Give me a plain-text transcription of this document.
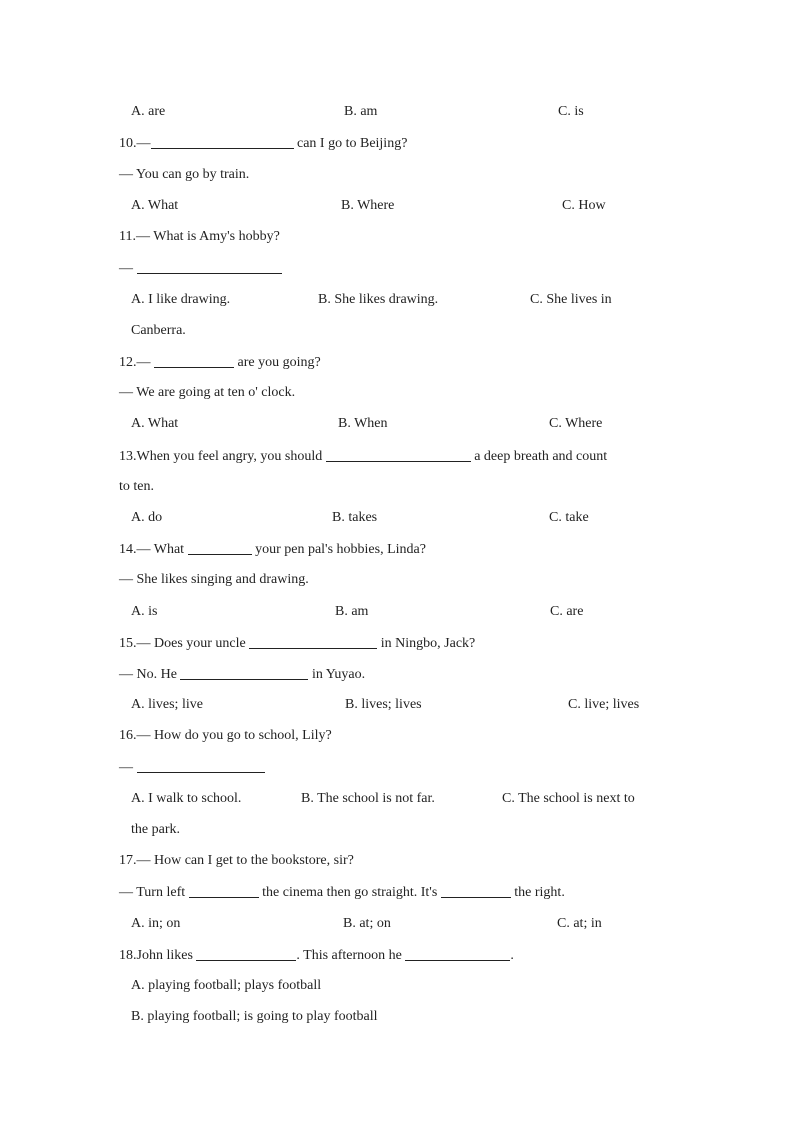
A. are	B. am	C. is
10.—	can I go to Beijing?
— You can go by train.
A. What	B. Where	C. How
11.— What is Amy's hobby?
—
A. I like drawing.	B. She likes drawing.	C. She lives in
Canberra.
12.—	are you going?
— We are going at ten o' clock.
A. What	B. When	C. Where
13.When you feel angry, you should	a deep breath and count
to ten.
A. do	B. takes	C. take
14.— What	your pen pal's hobbies, Linda?
— She likes singing and drawing.
A. is	B. am	C. are
15.— Does your uncle	in Ningbo, Jack?
— No. He	in Yuyao.
A. lives; live	B. lives; lives	C. live; lives
16.— How do you go to school, Lily?
—
A. I walk to school.	B. The school is not far.	C. The school is next to
the park.
17.— How can I get to the bookstore, sir?
— Turn left	the cinema then go straight. It's	the right.
A. in; on	B. at; on	C. at; in
18.John likes	. This afternoon he	.
A. playing football; plays football
B. playing football; is going to play football
